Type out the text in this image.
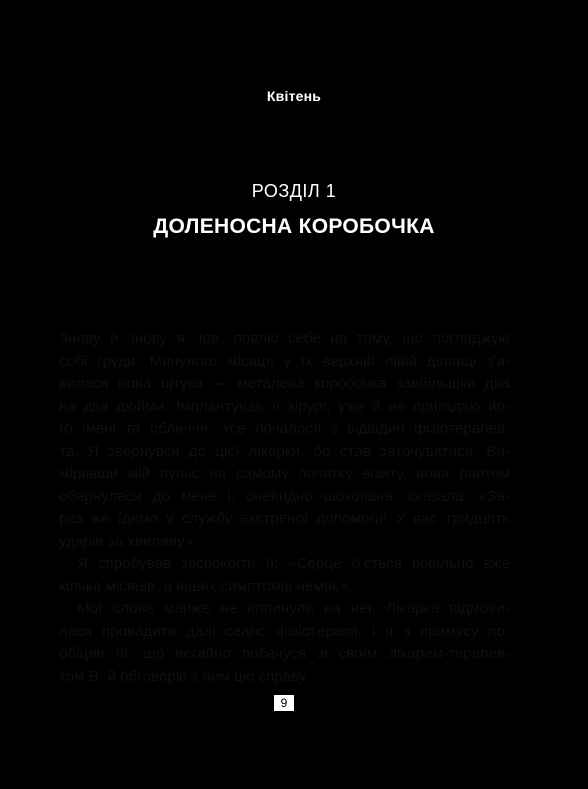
Квітень
РОЗДІЛ 1
ДОЛЕНОСНА КОРОБОЧКА
Знову й знову я, Ірв, ловлю себе на тому, що погладжую
собі груди. Минулого місяця у їх верхній лівій ділянці з’я-
вилася нова штука — металева коробочка завбільшки два
на два дюйми. Імплантував її хірург, уже й не пригадаю йо-
го імені та обличчя. Усе почалося з відвідин фізіотерапев-
та. Я звернувся до цієї лікарки, бо став заточуватися. Ви-
мірявши мій пульс на самому початку візиту, вона раптом
обернулася до мене і, очевидно шокована, сказала: «За-
раз же їдемо у службу екстреної допомоги! У вас тридцять
ударів за хвилину».
Я спробував заспокоїти її: «Серце б’ється повільно вже
кілька місяців, а інших симптомів немає».
Мої слова майже не вплинули на неї. Лікарка відмови-
лася провадити далі сеанс фізіотерапії, і я з примусу по-
обіцяв їй, що негайно побачуся зі своїм лікарем-терапев-
том В. й обговорю з ним цю справу.
9
